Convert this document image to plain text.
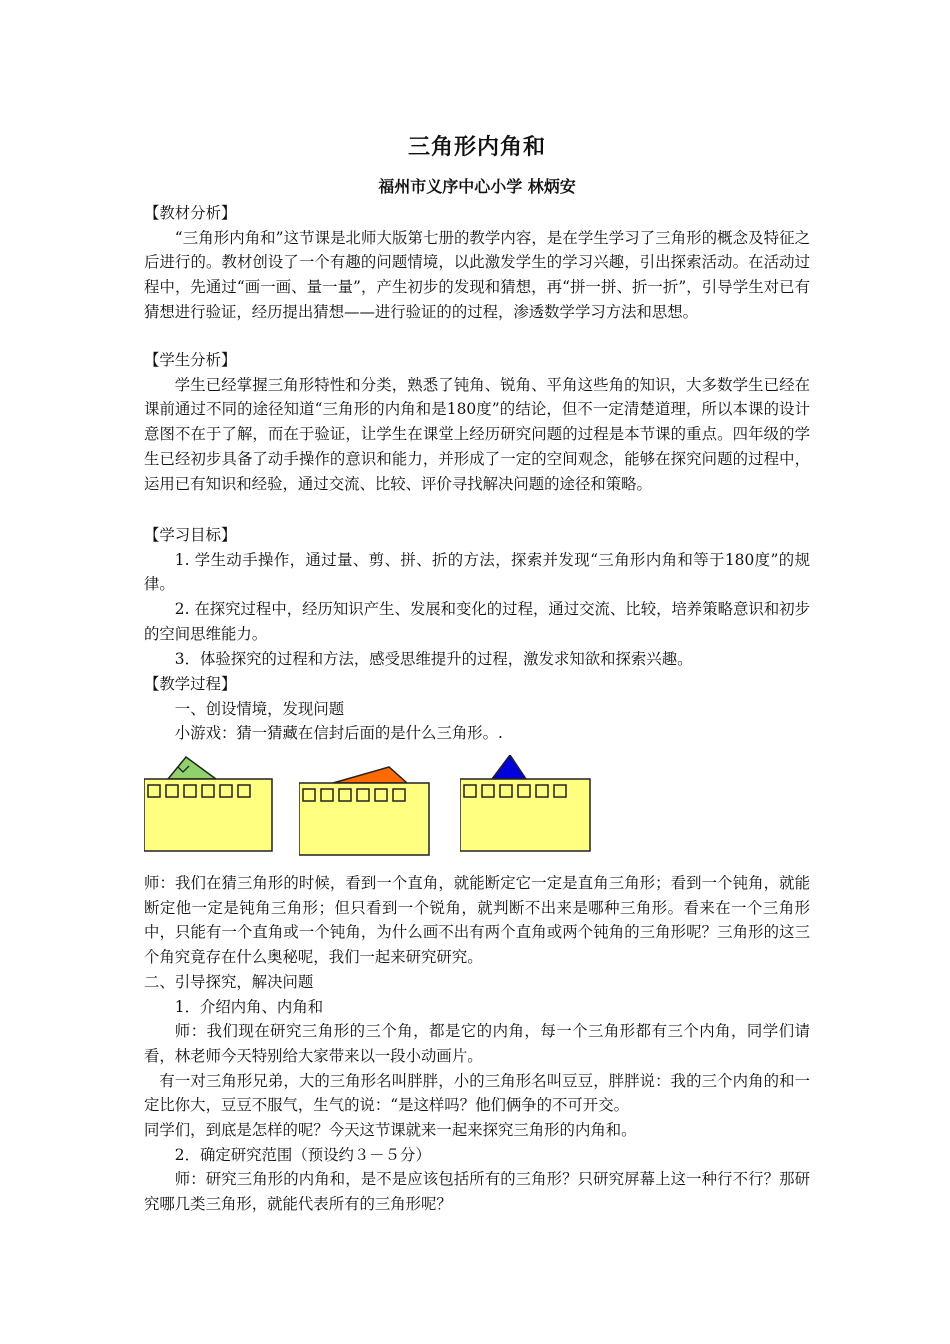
三角形内角和
福州市义序中心小学 林炳安

【教材分析】

“三角形内角和”这节课是北师大版第七册的教学内容，是在学生学习了三角形的概念及特征之后进行的。教材创设了一个有趣的问题情境，以此激发学生的学习兴趣，引出探索活动。在活动过程中，先通过“画一画、量一量”，产生初步的发现和猜想，再“拼一拼、折一折”，引导学生对已有猜想进行验证，经历提出猜想——进行验证的的过程，渗透数学学习方法和思想。

【学生分析】

学生已经掌握三角形特性和分类，熟悉了钝角、锐角、平角这些角的知识，大多数学生已经在课前通过不同的途径知道“三角形的内角和是180度”的结论，但不一定清楚道理，所以本课的设计意图不在于了解，而在于验证，让学生在课堂上经历研究问题的过程是本节课的重点。四年级的学生已经初步具备了动手操作的意识和能力，并形成了一定的空间观念，能够在探究问题的过程中，运用已有知识和经验，通过交流、比较、评价寻找解决问题的途径和策略。

【学习目标】

1. 学生动手操作，通过量、剪、拼、折的方法，探索并发现“三角形内角和等于180度”的规律。

2. 在探究过程中，经历知识产生、发展和变化的过程，通过交流、比较，培养策略意识和初步的空间思维能力。

3．体验探究的过程和方法，感受思维提升的过程，激发求知欲和探索兴趣。

【教学过程】

一、创设情境，发现问题

小游戏：猜一猜藏在信封后面的是什么三角形。.

师：我们在猜三角形的时候，看到一个直角，就能断定它一定是直角三角形；看到一个钝角，就能断定他一定是钝角三角形；但只看到一个锐角，就判断不出来是哪种三角形。看来在一个三角形中，只能有一个直角或一个钝角，为什么画不出有两个直角或两个钝角的三角形呢？三角形的这三个角究竟存在什么奥秘呢，我们一起来研究研究。

二、引导探究，解决问题

1．介绍内角、内角和

师：我们现在研究三角形的三个角，都是它的内角，每一个三角形都有三个内角，同学们请看，林老师今天特别给大家带来以一段小动画片。

有一对三角形兄弟，大的三角形名叫胖胖，小的三角形名叫豆豆，胖胖说：我的三个内角的和一定比你大，豆豆不服气，生气的说：“是这样吗？他们俩争的不可开交。

同学们，到底是怎样的呢？今天这节课就来一起来探究三角形的内角和。

2．确定研究范围（预设约３－５分）

师：研究三角形的内角和，是不是应该包括所有的三角形？只研究屏幕上这一种行不行？那研究哪几类三角形，就能代表所有的三角形呢？
